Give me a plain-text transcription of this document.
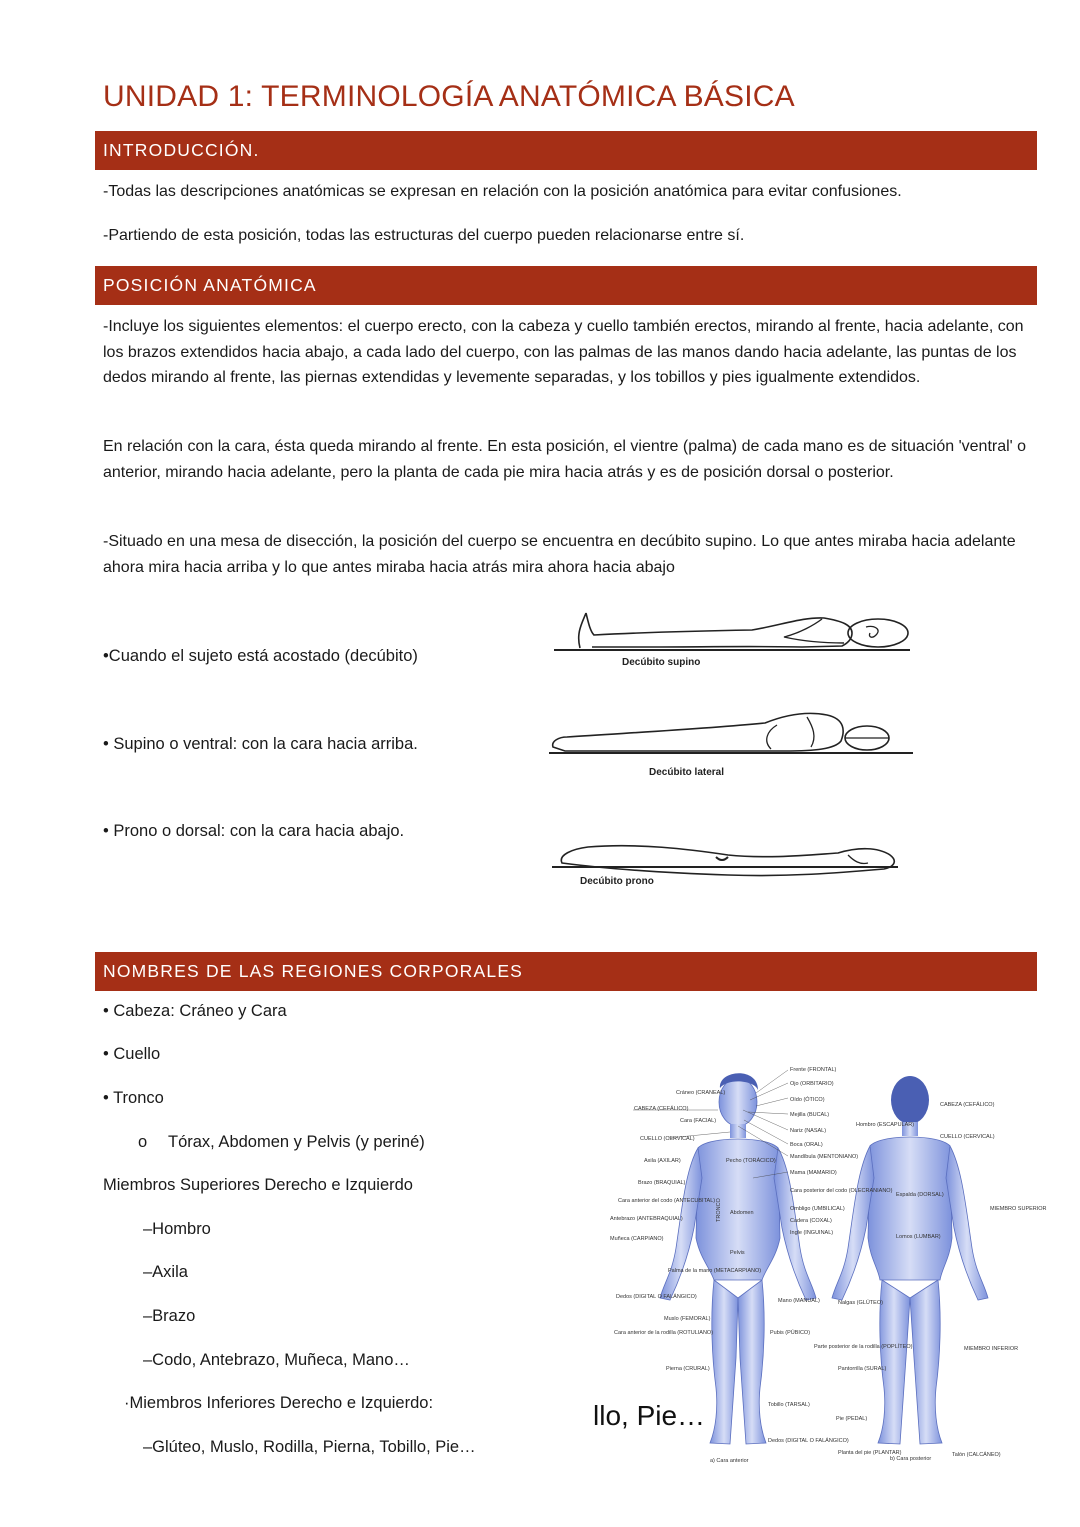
UNIDAD 1: TERMINOLOGÍA ANATÓMICA BÁSICA
INTRODUCCIÓN.
-Todas las descripciones anatómicas se expresan en relación con la posición anatómica para evitar confusiones.
-Partiendo de esta posición, todas las estructuras del cuerpo pueden relacionarse entre sí.
POSICIÓN ANATÓMICA
-Incluye los siguientes elementos: el cuerpo erecto, con la cabeza y cuello también erectos, mirando al frente, hacia adelante, con los brazos extendidos hacia abajo, a cada lado del cuerpo, con las palmas de las manos dando hacia adelante, las puntas de los dedos mirando al frente, las piernas extendidas y levemente separadas, y los tobillos y pies igualmente extendidos.
En relación con la cara, ésta queda mirando al frente. En esta posición, el vientre (palma) de cada mano es de situación 'ventral' o anterior, mirando hacia adelante, pero la planta de cada pie mira hacia atrás y es de posición dorsal o posterior.
-Situado en una mesa de disección, la posición del cuerpo se encuentra en decúbito supino. Lo que antes miraba hacia adelante ahora mira hacia arriba y lo que antes miraba hacia atrás mira ahora hacia abajo
•Cuando el sujeto está acostado (decúbito)
• Supino o ventral: con la cara hacia arriba.
• Prono o dorsal: con la cara hacia abajo.
Decúbito supino
Decúbito lateral
Decúbito prono
NOMBRES DE LAS REGIONES CORPORALES
• Cabeza: Cráneo y Cara
• Cuello
• Tronco
o Tórax, Abdomen y Pelvis (y periné)
Miembros Superiores Derecho e Izquierdo
–Hombro
–Axila
–Brazo
–Codo, Antebrazo, Muñeca, Mano…
·Miembros Inferiores Derecho e Izquierdo:
–Glúteo, Muslo, Rodilla, Pierna, Tobillo, Pie…
Frente (FRONTAL)
Ojo (ORBITARIO)
Oído (ÓTICO)
Mejilla (BUCAL)
Nariz (NASAL)
Boca (ORAL)
Mandíbula (MENTONIANO)
Mama (MAMARIO)
Cara posterior del codo (OLECRANIANO)
Ombligo (UMBILICAL)
Cadera (COXAL)
Ingle (INGUINAL)
Mano (MANUAL)
Pubis (PÚBICO)
Tobillo (TARSAL)
Dedos (DIGITAL O FALÁNGICO)
CABEZA (CEFÁLICO)
Cráneo (CRANEAL)
Cara (FACIAL)
CUELLO (CERVICAL)
Axila (AXILAR)	Pecho (TORÁCICO)
Brazo (BRAQUIAL)
Cara anterior del codo (ANTECUBITAL)
Antebrazo (ANTEBRAQUIAL)
Muñeca (CARPIANO)
Abdomen
TRONCO
Pelvis
Palma de la mano (METACARPIANO)
Dedos (DIGITAL O FALÁNGICO)
Muslo (FEMORAL)
Cara anterior de la rodilla (ROTULIANO)
Pierna (CRURAL)
a) Cara anterior
Hombro (ESCAPULAR)
CABEZA (CEFÁLICO)
CUELLO (CERVICAL)
Espalda (DORSAL)
Lomos (LUMBAR)
MIEMBRO SUPERIOR
Nalgas (GLÚTEO)
Parte posterior de la rodilla (POPLÍTEO)
Pantorrilla (SURAL)
MIEMBRO INFERIOR
Pie (PEDAL)
Planta del pie (PLANTAR)
b) Cara posterior
Talón (CALCÁNEO)
llo, Pie…
